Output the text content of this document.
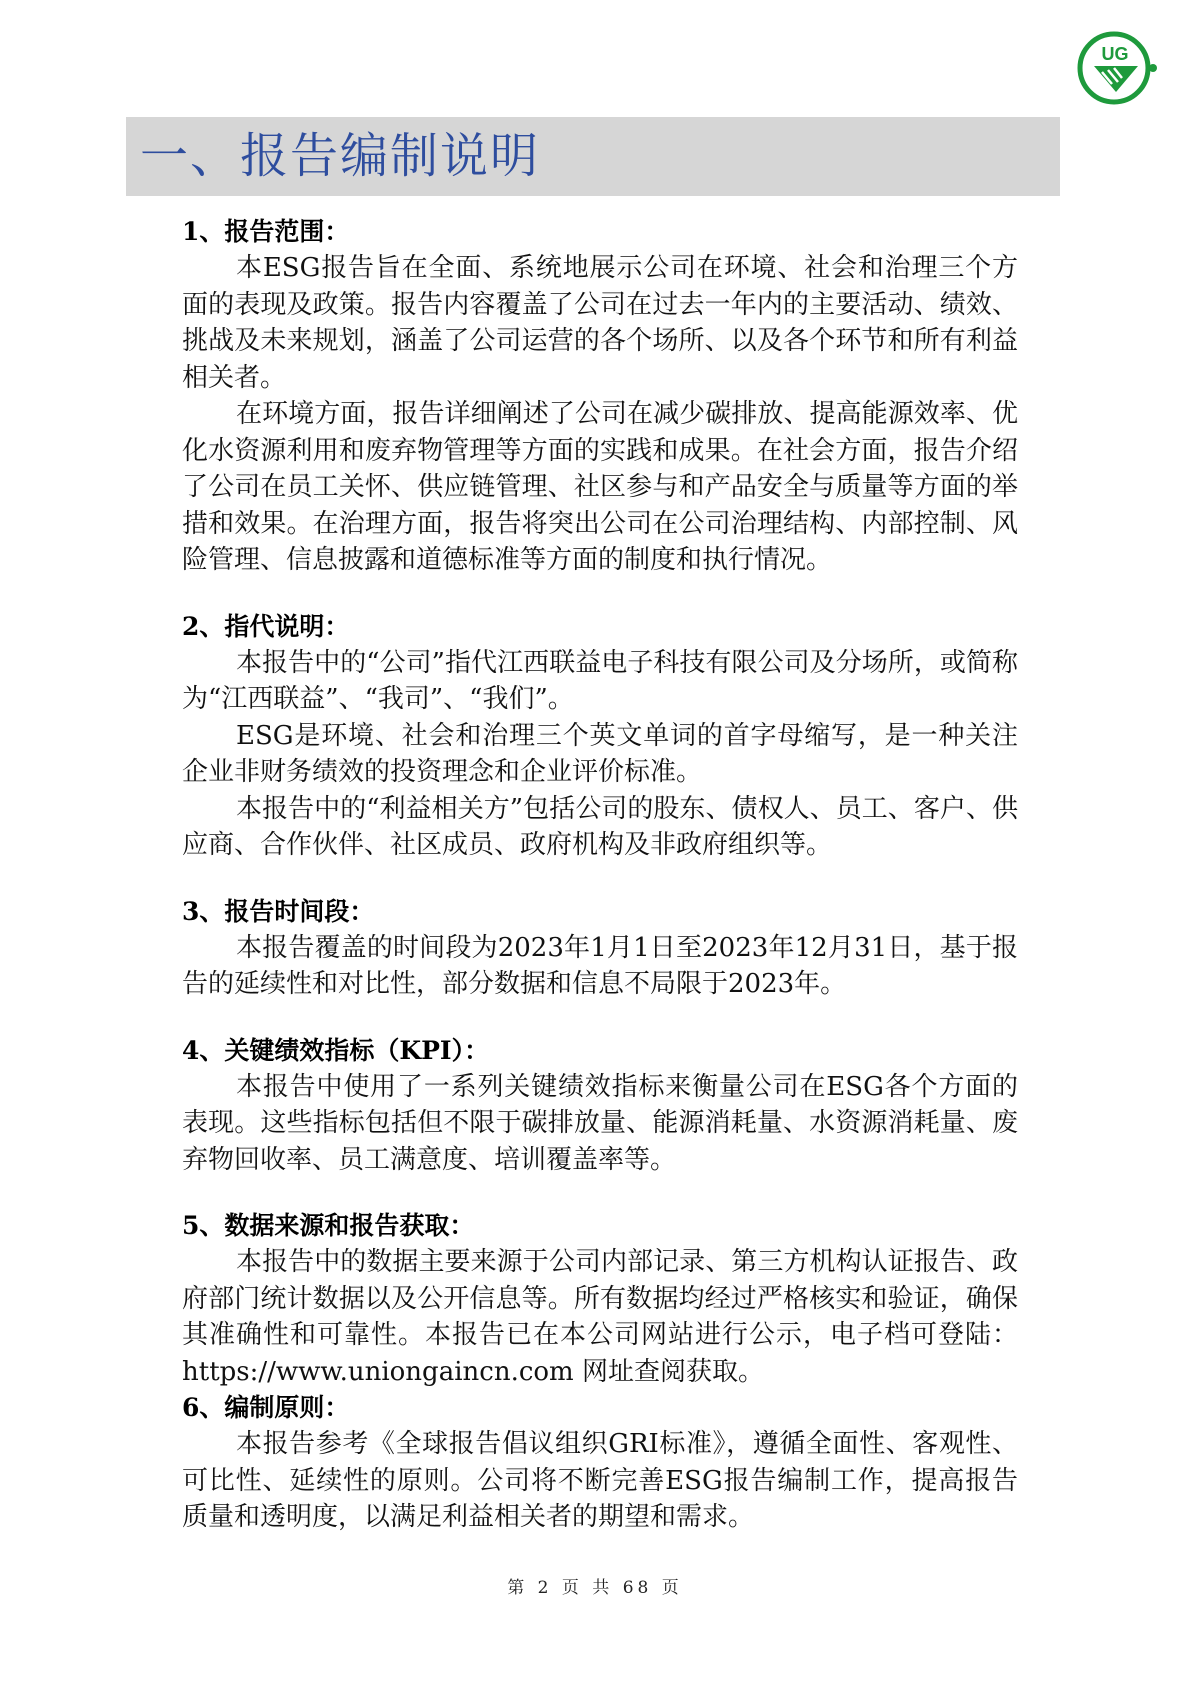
UG
一、报告编制说明

1、报告范围：

本ESG报告旨在全面、系统地展示公司在环境、社会和治理三个方面的表现及政策。报告内容覆盖了公司在过去一年内的主要活动、绩效、挑战及未来规划，涵盖了公司运营的各个场所、以及各个环节和所有利益相关者。

在环境方面，报告详细阐述了公司在减少碳排放、提高能源效率、优化水资源利用和废弃物管理等方面的实践和成果。在社会方面，报告介绍了公司在员工关怀、供应链管理、社区参与和产品安全与质量等方面的举措和效果。在治理方面，报告将突出公司在公司治理结构、内部控制、风险管理、信息披露和道德标准等方面的制度和执行情况。

2、指代说明：

本报告中的“公司”指代江西联益电子科技有限公司及分场所，或简称为“江西联益”、“我司”、“我们”。

ESG是环境、社会和治理三个英文单词的首字母缩写，是一种关注企业非财务绩效的投资理念和企业评价标准。

本报告中的“利益相关方”包括公司的股东、债权人、员工、客户、供应商、合作伙伴、社区成员、政府机构及非政府组织等。

3、报告时间段：

本报告覆盖的时间段为2023年1月1日至2023年12月31日，基于报告的延续性和对比性，部分数据和信息不局限于2023年。

4、关键绩效指标（KPI）：

本报告中使用了一系列关键绩效指标来衡量公司在ESG各个方面的表现。这些指标包括但不限于碳排放量、能源消耗量、水资源消耗量、废弃物回收率、员工满意度、培训覆盖率等。

5、数据来源和报告获取：

本报告中的数据主要来源于公司内部记录、第三方机构认证报告、政府部门统计数据以及公开信息等。所有数据均经过严格核实和验证，确保其准确性和可靠性。本报告已在本公司网站进行公示，电子档可登陆：https://www.uniongaincn.com 网址查阅获取。

6、编制原则：

本报告参考《全球报告倡议组织GRI标准》，遵循全面性、客观性、可比性、延续性的原则。公司将不断完善ESG报告编制工作，提高报告质量和透明度，以满足利益相关者的期望和需求。

第 2 页 共 68 页
